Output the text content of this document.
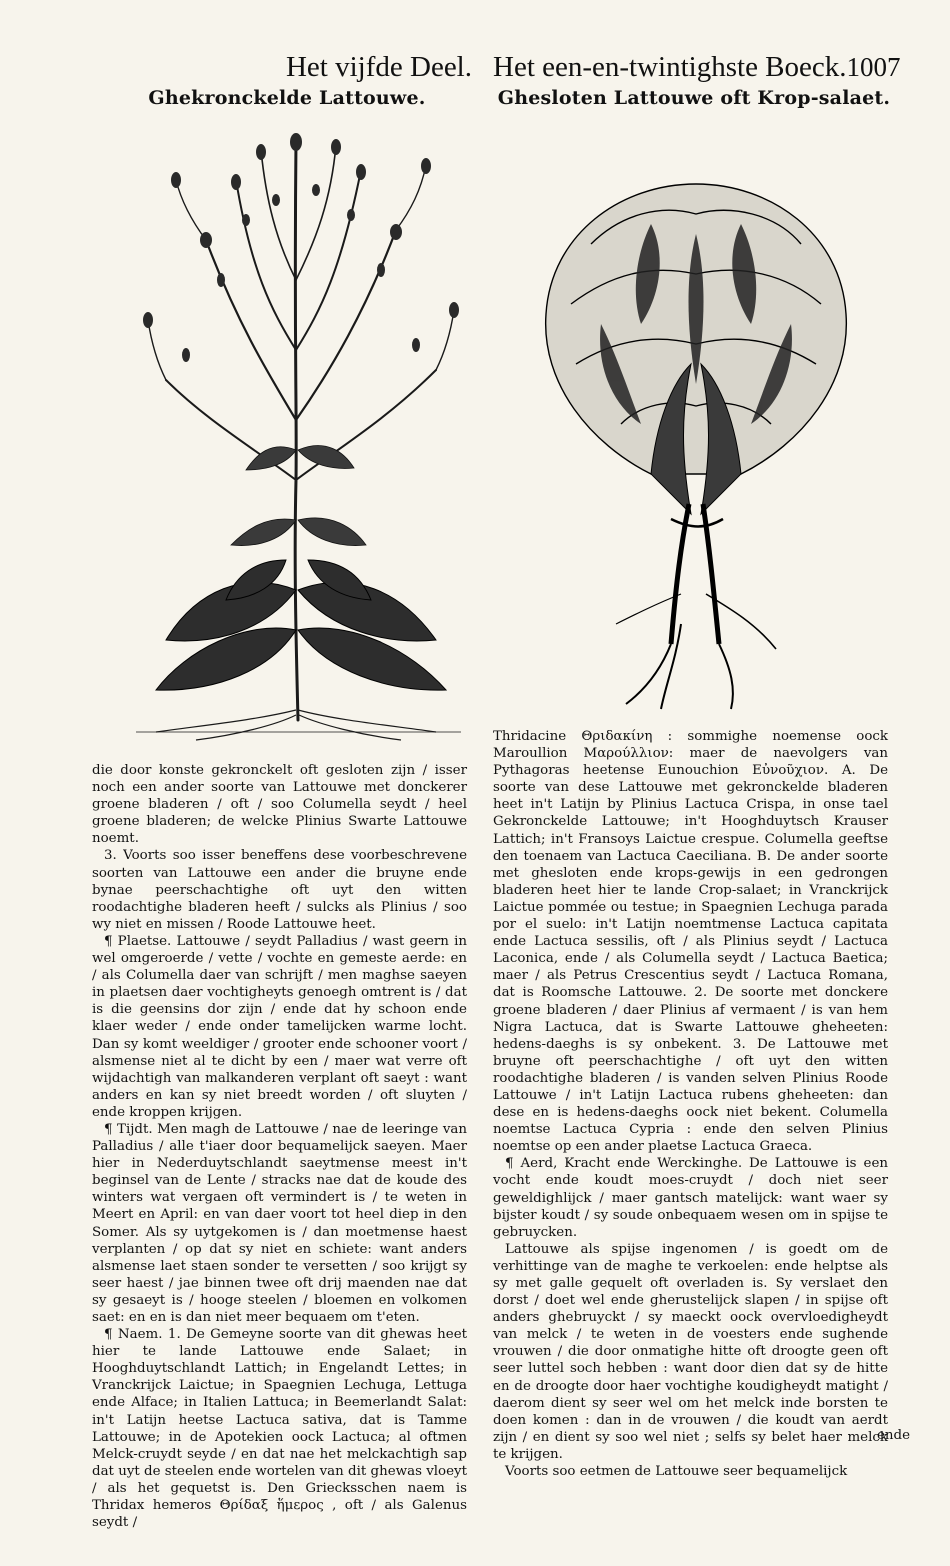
Het vijfde Deel.
Ghekronckelde Lattouwe.

die door konste gekronckelt oft gesloten zijn / isser noch een ander soorte van Lattouwe met donckerer groene bladeren / oft / soo Columella seydt / heel groene bladeren; de welcke Plinius Swarte Lattouwe noemt.

3. Voorts soo isser beneffens dese voorbeschrevene soorten van Lattouwe een ander die bruyne ende bynae peerschachtighe oft uyt den witten roodachtighe bladeren heeft / sulcks als Plinius / soo wy niet en missen / Roode Lattouwe heet.

¶ Plaetse. Lattouwe / seydt Palladius / wast geern in wel omgeroerde / vette / vochte en gemeste aerde: en / als Columella daer van schrijft / men maghse saeyen in plaetsen daer vochtigheyts genoegh omtrent is / dat is die geensins dor zijn / ende dat hy schoon ende klaer weder / ende onder tamelijcken warme locht. Dan sy komt weeldiger / grooter ende schooner voort / alsmense niet al te dicht by een / maer wat verre oft wijdachtigh van malkanderen verplant oft saeyt : want anders en kan sy niet breedt worden / oft sluyten / ende kroppen krijgen.

¶ Tijdt. Men magh de Lattouwe / nae de leeringe van Palladius / alle t'iaer door bequamelijck saeyen. Maer hier in Nederduytschlandt saeytmense meest in't beginsel van de Lente / stracks nae dat de koude des winters wat vergaen oft vermindert is / te weten in Meert en April: en van daer voort tot heel diep in den Somer. Als sy uytgekomen is / dan moetmense haest verplanten / op dat sy niet en schiete: want anders alsmense laet staen sonder te versetten / soo krijgt sy seer haest / jae binnen twee oft drij maenden nae dat sy gesaeyt is / hooge steelen / bloemen en volkomen saet: en en is dan niet meer bequaem om t'eten.

¶ Naem. 1. De Gemeyne soorte van dit ghewas heet hier te lande Lattouwe ende Salaet; in Hooghduytschlandt Lattich; in Engelandt Lettes; in Vranckrijck Laictue; in Spaegnien Lechuga, Lettuga ende Alface; in Italien Lattuca; in Beemerlandt Salat: in't Latijn heetse Lactuca sativa, dat is Tamme Lattouwe; in de Apotekien oock Lactuca; al oftmen Melck-cruydt seyde / en dat nae het melckachtigh sap dat uyt de steelen ende wortelen van dit ghewas vloeyt / als het gequetst is. Den Griecksschen naem is Thridax hemeros Θρίδαξ ἥμερος , oft / als Galenus seydt /

Het een-en-twintighste Boeck. 1007
Ghesloten Lattouwe oft Krop-salaet.

Thridacine Θριδακίνη : sommighe noemense oock Maroullion Μαρούλλιον: maer de naevolgers van Pythagoras heetense Eunouchion Εὐνοῦχιον. A. De soorte van dese Lattouwe met gekronckelde bladeren heet in't Latijn by Plinius Lactuca Crispa, in onse tael Gekronckelde Lattouwe; in't Hooghduytsch Krauser Lattich; in't Fransoys Laictue crespue. Columella geeftse den toenaem van Lactuca Caeciliana. B. De ander soorte met ghesloten ende krops-gewijs in een gedrongen bladeren heet hier te lande Crop-salaet; in Vranckrijck Laictue pommée ou testue; in Spaegnien Lechuga parada por el suelo: in't Latijn noemtmense Lactuca capitata ende Lactuca sessilis, oft / als Plinius seydt / Lactuca Laconica, ende / als Columella seydt / Lactuca Baetica; maer / als Petrus Crescentius seydt / Lactuca Romana, dat is Roomsche Lattouwe. 2. De soorte met donckere groene bladeren / daer Plinius af vermaent / is van hem Nigra Lactuca, dat is Swarte Lattouwe gheheeten: hedens-daeghs is sy onbekent. 3. De Lattouwe met bruyne oft peerschachtighe / oft uyt den witten roodachtighe bladeren / is vanden selven Plinius Roode Lattouwe / in't Latijn Lactuca rubens gheheeten: dan dese en is hedens-daeghs oock niet bekent. Columella noemtse Lactuca Cypria : ende den selven Plinius noemtse op een ander plaetse Lactuca Graeca.

¶ Aerd, Kracht ende Werckinghe. De Lattouwe is een vocht ende koudt moes-cruydt / doch niet seer geweldighlijck / maer gantsch matelijck: want waer sy bijster koudt / sy soude onbequaem wesen om in spijse te gebruycken.

Lattouwe als spijse ingenomen / is goedt om de verhittinge van de maghe te verkoelen: ende helptse als sy met galle gequelt oft overladen is. Sy verslaet den dorst / doet wel ende gherustelijck slapen / in spijse oft anders ghebruyckt / sy maeckt oock overvloedigheydt van melck / te weten in de voesters ende sughende vrouwen / die door onmatighe hitte oft droogte geen oft seer luttel soch hebben : want door dien dat sy de hitte en de droogte door haer vochtighe koudigheydt matight / daerom dient sy seer wel om het melck inde borsten te doen komen : dan in de vrouwen / die koudt van aerdt zijn / en dient sy soo wel niet ; selfs sy belet haer melck te krijgen.

Voorts soo eetmen de Lattouwe seer bequamelijck

ende
